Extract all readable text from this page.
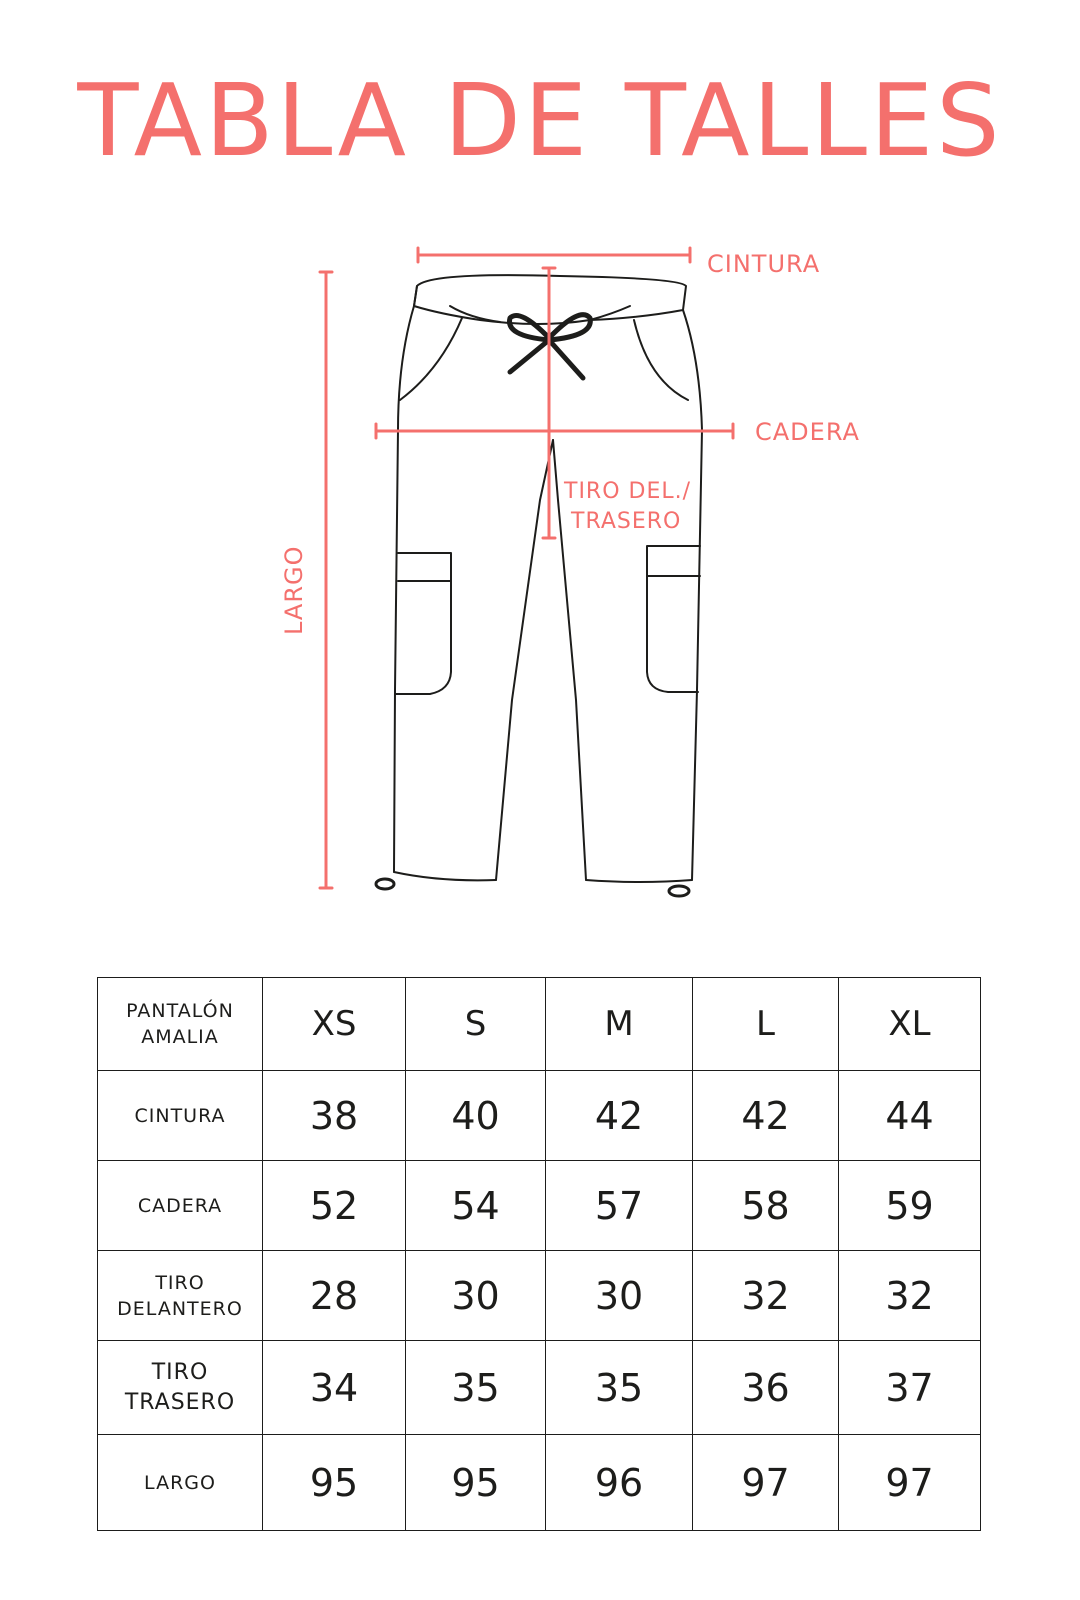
TABLA DE TALLES
CINTURA
CADERA
TIRO DEL./
TRASERO
LARGO
PANTALÓN
AMALIA	XS	S	M	L	XL

CINTURA	38	40	42	42	44

CADERA	52	54	57	58	59

TIRO
DELANTERO	28	30	30	32	32

TIRO
TRASERO	34	35	35	36	37

LARGO	95	95	96	97	97
